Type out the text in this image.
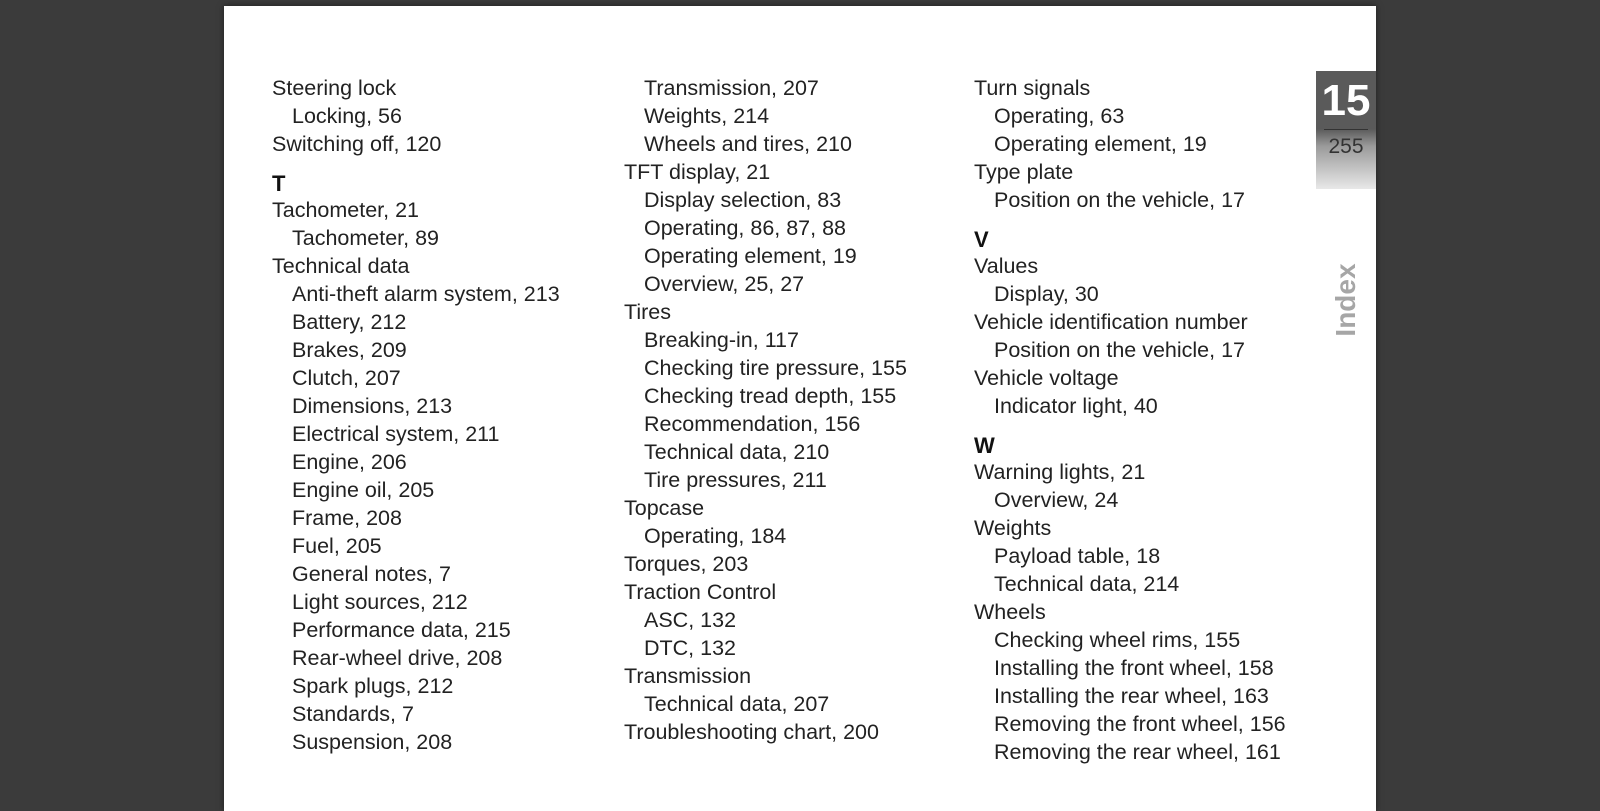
Steering lock
Locking, 56
Switching off, 120
T
Tachometer, 21
Tachometer, 89
Technical data
Anti-theft alarm system, 213
Battery, 212
Brakes, 209
Clutch, 207
Dimensions, 213
Electrical system, 211
Engine, 206
Engine oil, 205
Frame, 208
Fuel, 205
General notes, 7
Light sources, 212
Performance data, 215
Rear-wheel drive, 208
Spark plugs, 212
Standards, 7
Suspension, 208
Transmission, 207
Weights, 214
Wheels and tires, 210
TFT display, 21
Display selection, 83
Operating, 86, 87, 88
Operating element, 19
Overview, 25, 27
Tires
Breaking-in, 117
Checking tire pressure, 155
Checking tread depth, 155
Recommendation, 156
Technical data, 210
Tire pressures, 211
Topcase
Operating, 184
Torques, 203
Traction Control
ASC, 132
DTC, 132
Transmission
Technical data, 207
Troubleshooting chart, 200
Turn signals
Operating, 63
Operating element, 19
Type plate
Position on the vehicle, 17
V
Values
Display, 30
Vehicle identification number
Position on the vehicle, 17
Vehicle voltage
Indicator light, 40
W
Warning lights, 21
Overview, 24
Weights
Payload table, 18
Technical data, 214
Wheels
Checking wheel rims, 155
Installing the front wheel, 158
Installing the rear wheel, 163
Removing the front wheel, 156
Removing the rear wheel, 161
15
255
Index
